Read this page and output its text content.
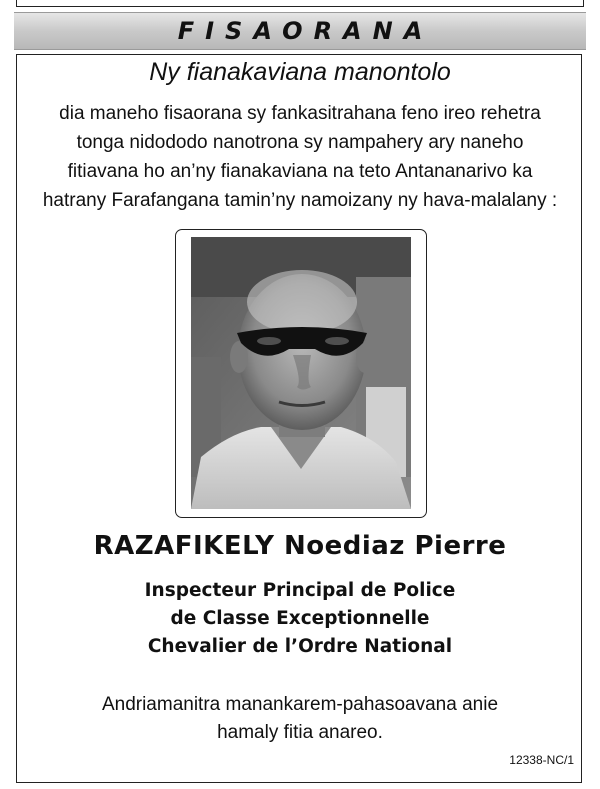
FISAORANA
Ny fianakaviana manontolo
dia maneho fisaorana sy fankasitrahana feno ireo rehetra
tonga nidododo nanotrona sy nampahery ary naneho
fitiavana ho an’ny fianakaviana na teto Antananarivo ka
hatrany Farafangana tamin’ny namoizany ny hava-malalany :
RAZAFIKELY Noediaz Pierre
Inspecteur Principal de Police
de Classe Exceptionnelle
Chevalier de l’Ordre National
Andriamanitra manankarem-pahasoavana anie
hamaly fitia anareo.
12338-NC/1
